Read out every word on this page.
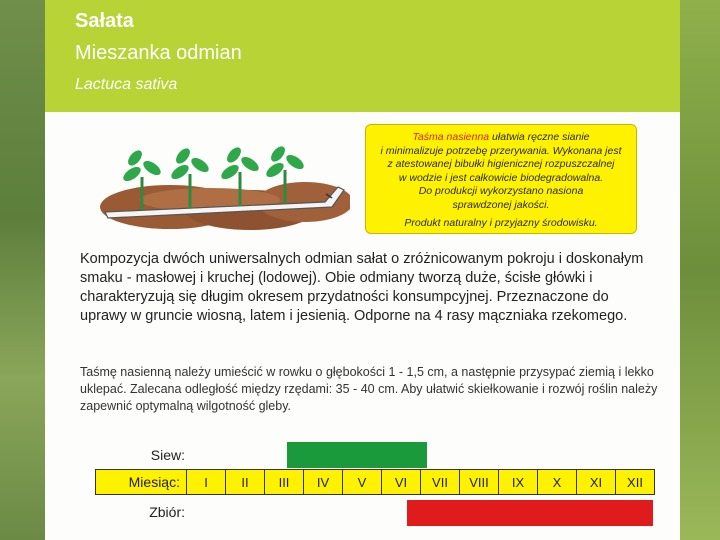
Sałata
Mieszanka odmian
Lactuca sativa
Taśma nasienna ułatwia ręczne sianie
i minimalizuje potrzebę przerywania. Wykonana jest
z atestowanej bibułki higienicznej rozpuszczalnej
w wodzie i jest całkowicie biodegradowalna.
Do produkcji wykorzystano nasiona
sprawdzonej jakości.
Produkt naturalny i przyjazny środowisku.
Kompozycja dwóch uniwersalnych odmian sałat o zróżnicowanym pokroju i doskonałym smaku - masłowej i kruchej (lodowej). Obie odmiany tworzą duże, ścisłe główki i charakteryzują się długim okresem przydatności konsumpcyjnej. Przeznaczone do uprawy w gruncie wiosną, latem i jesienią. Odporne na 4 rasy mączniaka rzekomego.
Taśmę nasienną należy umieścić w rowku o głębokości 1 - 1,5 cm, a następnie przysypać ziemią i lekko uklepać. Zalecana odległość między rzędami: 35 - 40 cm. Aby ułatwić skiełkowanie i rozwój roślin należy zapewnić optymalną wilgotność gleby.
Siew:
Miesiąc:	I	II	III	IV	V	VI	VII	VIII	IX	X	XI	XII
Zbiór:
